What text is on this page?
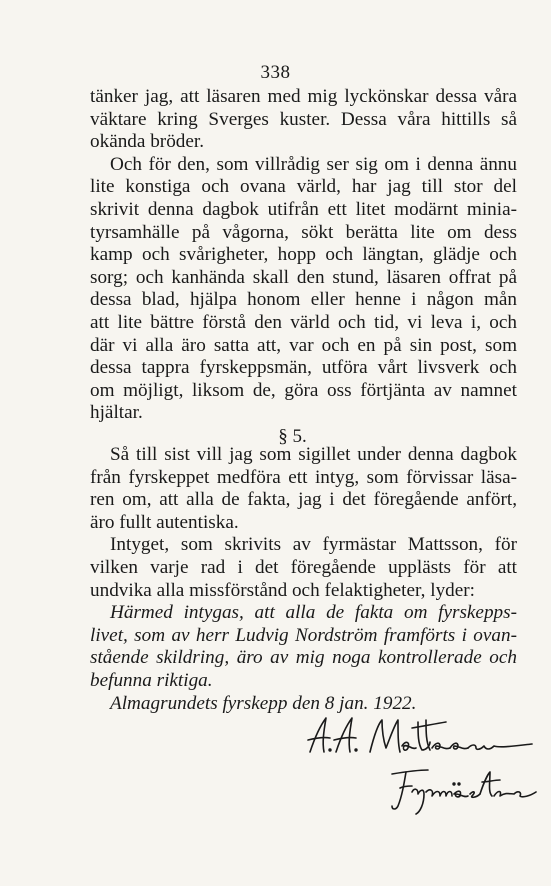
338
tänker jag, att läsaren med mig lyckönskar dessa våra
väktare kring Sverges kuster. Dessa våra hittills så
okända bröder.
Och för den, som villrådig ser sig om i denna ännu
lite konstiga och ovana värld, har jag till stor del
skrivit denna dagbok utifrån ett litet modärnt minia-
tyrsamhälle på vågorna, sökt berätta lite om dess
kamp och svårigheter, hopp och längtan, glädje och
sorg; och kanhända skall den stund, läsaren offrat på
dessa blad, hjälpa honom eller henne i någon mån
att lite bättre förstå den värld och tid, vi leva i, och
där vi alla äro satta att, var och en på sin post, som
dessa tappra fyrskeppsmän, utföra vårt livsverk och
om möjligt, liksom de, göra oss förtjänta av namnet
hjältar.
§ 5.
Så till sist vill jag som sigillet under denna dagbok
från fyrskeppet medföra ett intyg, som förvissar läsa-
ren om, att alla de fakta, jag i det föregående anfört,
äro fullt autentiska.
Intyget, som skrivits av fyrmästar Mattsson, för
vilken varje rad i det föregående upplästs för att
undvika alla missförstånd och felaktigheter, lyder:
Härmed intygas, att alla de fakta om fyrskepps-
livet, som av herr Ludvig Nordström framförts i ovan-
stående skildring, äro av mig noga kontrollerade och
befunna riktiga.
Almagrundets fyrskepp den 8 jan. 1922.
